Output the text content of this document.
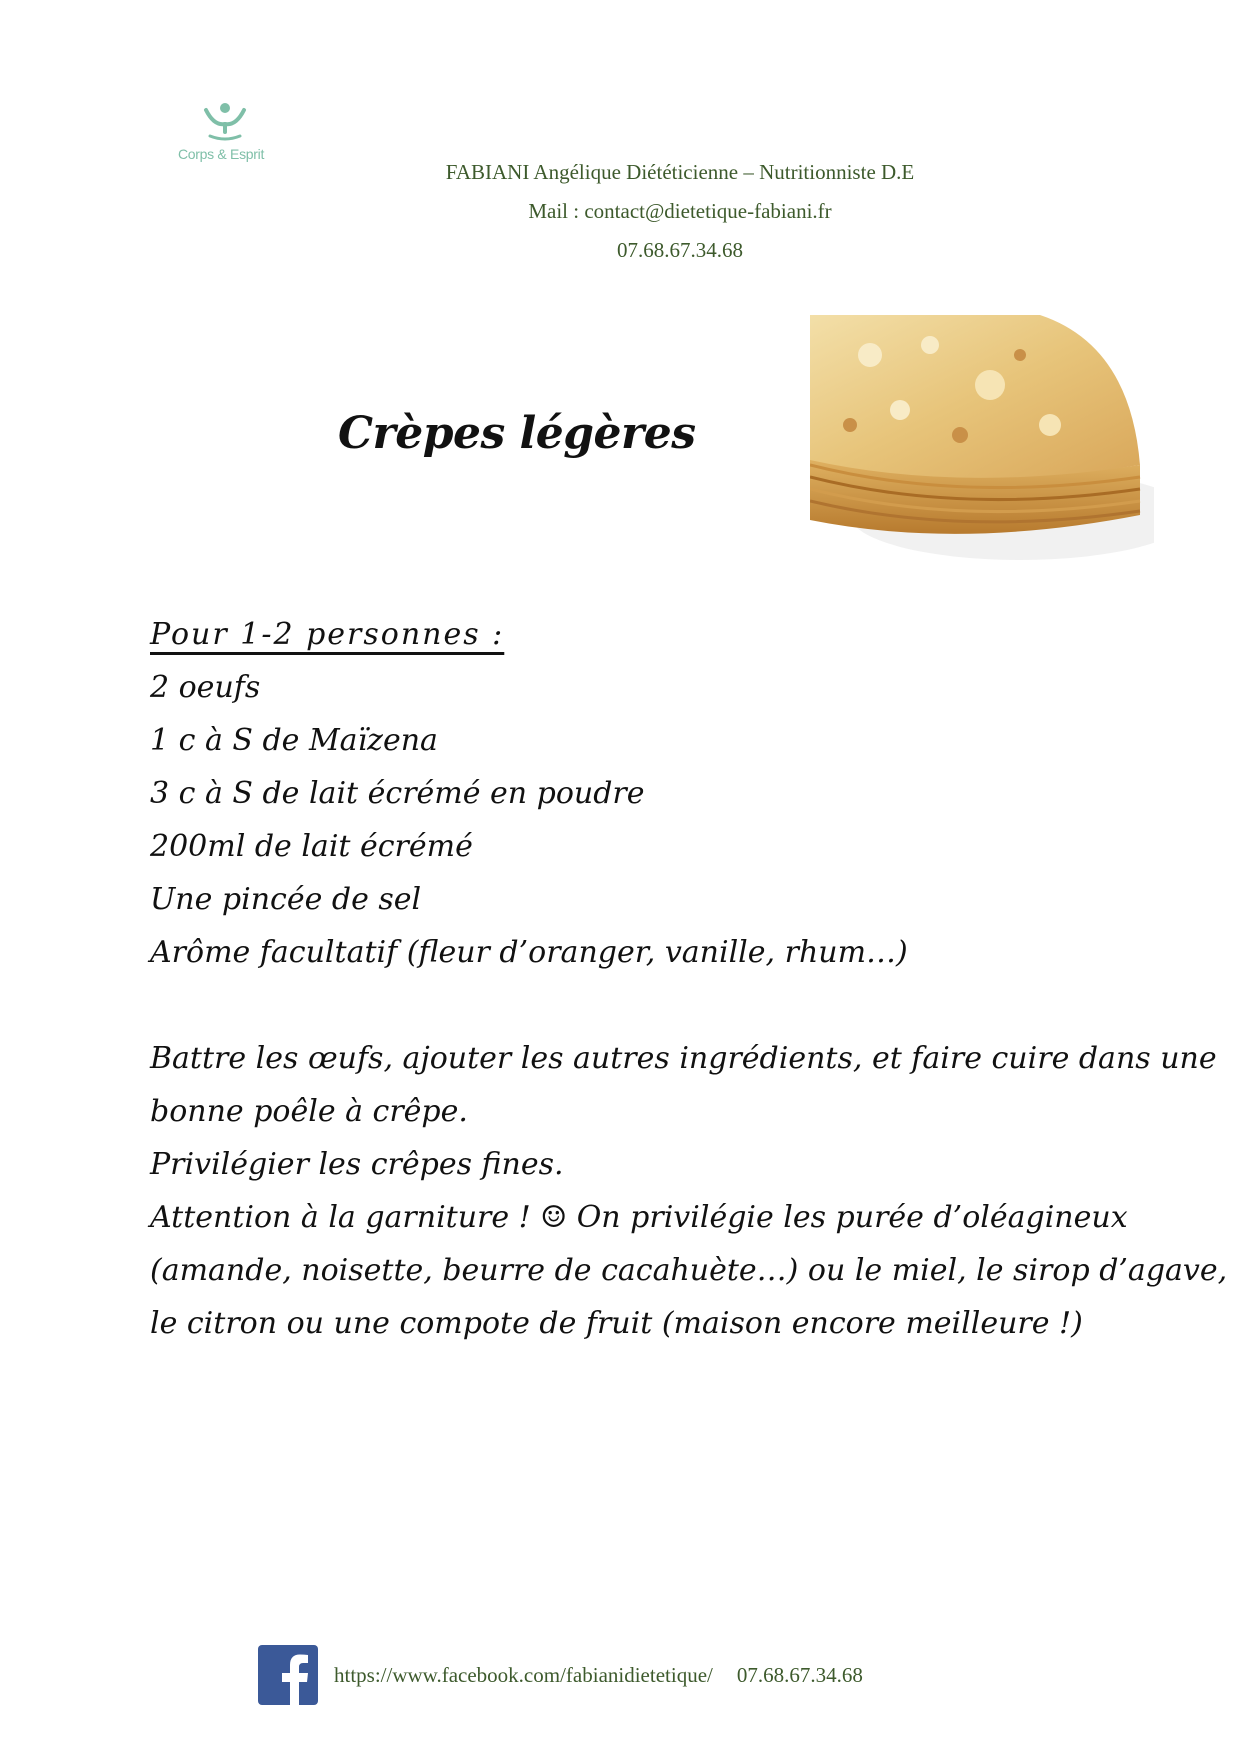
Corps & Esprit
FABIANI Angélique Diététicienne – Nutritionniste D.E
Mail : contact@dietetique-fabiani.fr
07.68.67.34.68
Crèpes légères
Pour 1-2 personnes :
2 oeufs
1 c à S de Maïzena
3 c à S de lait écrémé en poudre
200ml de lait écrémé
Une pincée de sel
Arôme facultatif (fleur d’oranger, vanille, rhum…)
Battre les œufs, ajouter les autres ingrédients, et faire cuire dans une
bonne poêle à crêpe.
Privilégier les crêpes fines.
Attention à la garniture ! ☺ On privilégie les purée d’oléagineux
(amande, noisette, beurre de cacahuète…) ou le miel, le sirop d’agave,
le citron ou une compote de fruit (maison encore meilleure !)
https://www.facebook.com/fabianidietetique/ 07.68.67.34.68
